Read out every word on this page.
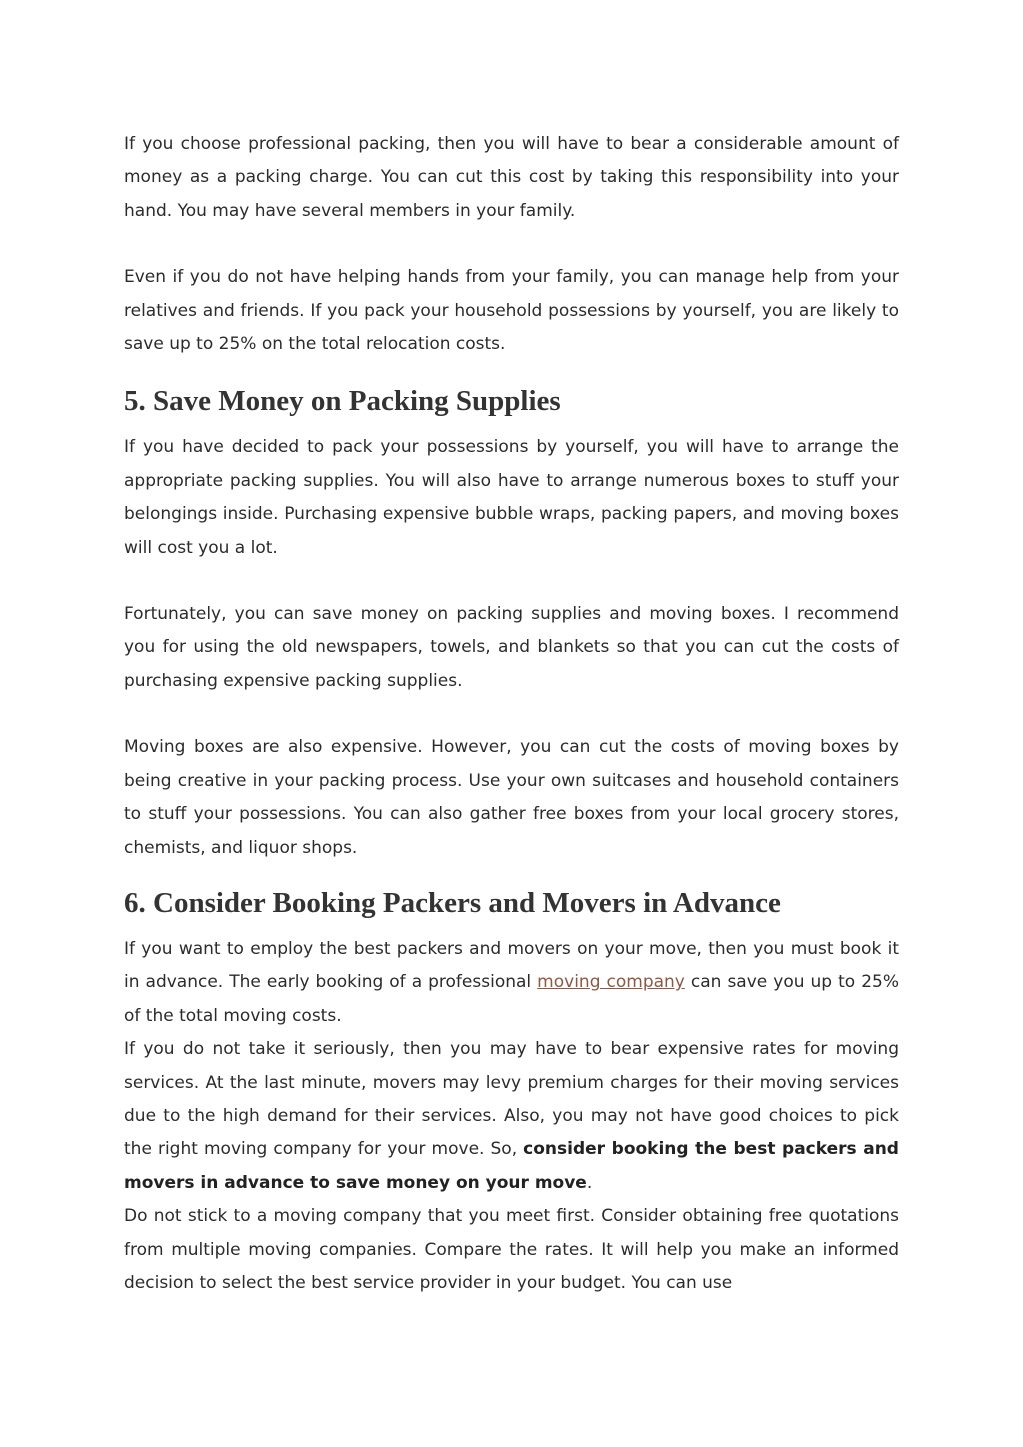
If you choose professional packing, then you will have to bear a considerable amount of money as a packing charge. You can cut this cost by taking this responsibility into your hand. You may have several members in your family.

Even if you do not have helping hands from your family, you can manage help from your relatives and friends. If you pack your household possessions by yourself, you are likely to save up to 25% on the total relocation costs.

5. Save Money on Packing Supplies

If you have decided to pack your possessions by yourself, you will have to arrange the appropriate packing supplies. You will also have to arrange numerous boxes to stuff your belongings inside. Purchasing expensive bubble wraps, packing papers, and moving boxes will cost you a lot.

Fortunately, you can save money on packing supplies and moving boxes. I recommend you for using the old newspapers, towels, and blankets so that you can cut the costs of purchasing expensive packing supplies.

Moving boxes are also expensive. However, you can cut the costs of moving boxes by being creative in your packing process. Use your own suitcases and household containers to stuff your possessions. You can also gather free boxes from your local grocery stores, chemists, and liquor shops.

6. Consider Booking Packers and Movers in Advance

If you want to employ the best packers and movers on your move, then you must book it in advance. The early booking of a professional moving company can save you up to 25% of the total moving costs.

If you do not take it seriously, then you may have to bear expensive rates for moving services. At the last minute, movers may levy premium charges for their moving services due to the high demand for their services. Also, you may not have good choices to pick the right moving company for your move. So, consider booking the best packers and movers in advance to save money on your move.

Do not stick to a moving company that you meet first. Consider obtaining free quotations from multiple moving companies. Compare the rates. It will help you make an informed decision to select the best service provider in your budget. You can use
